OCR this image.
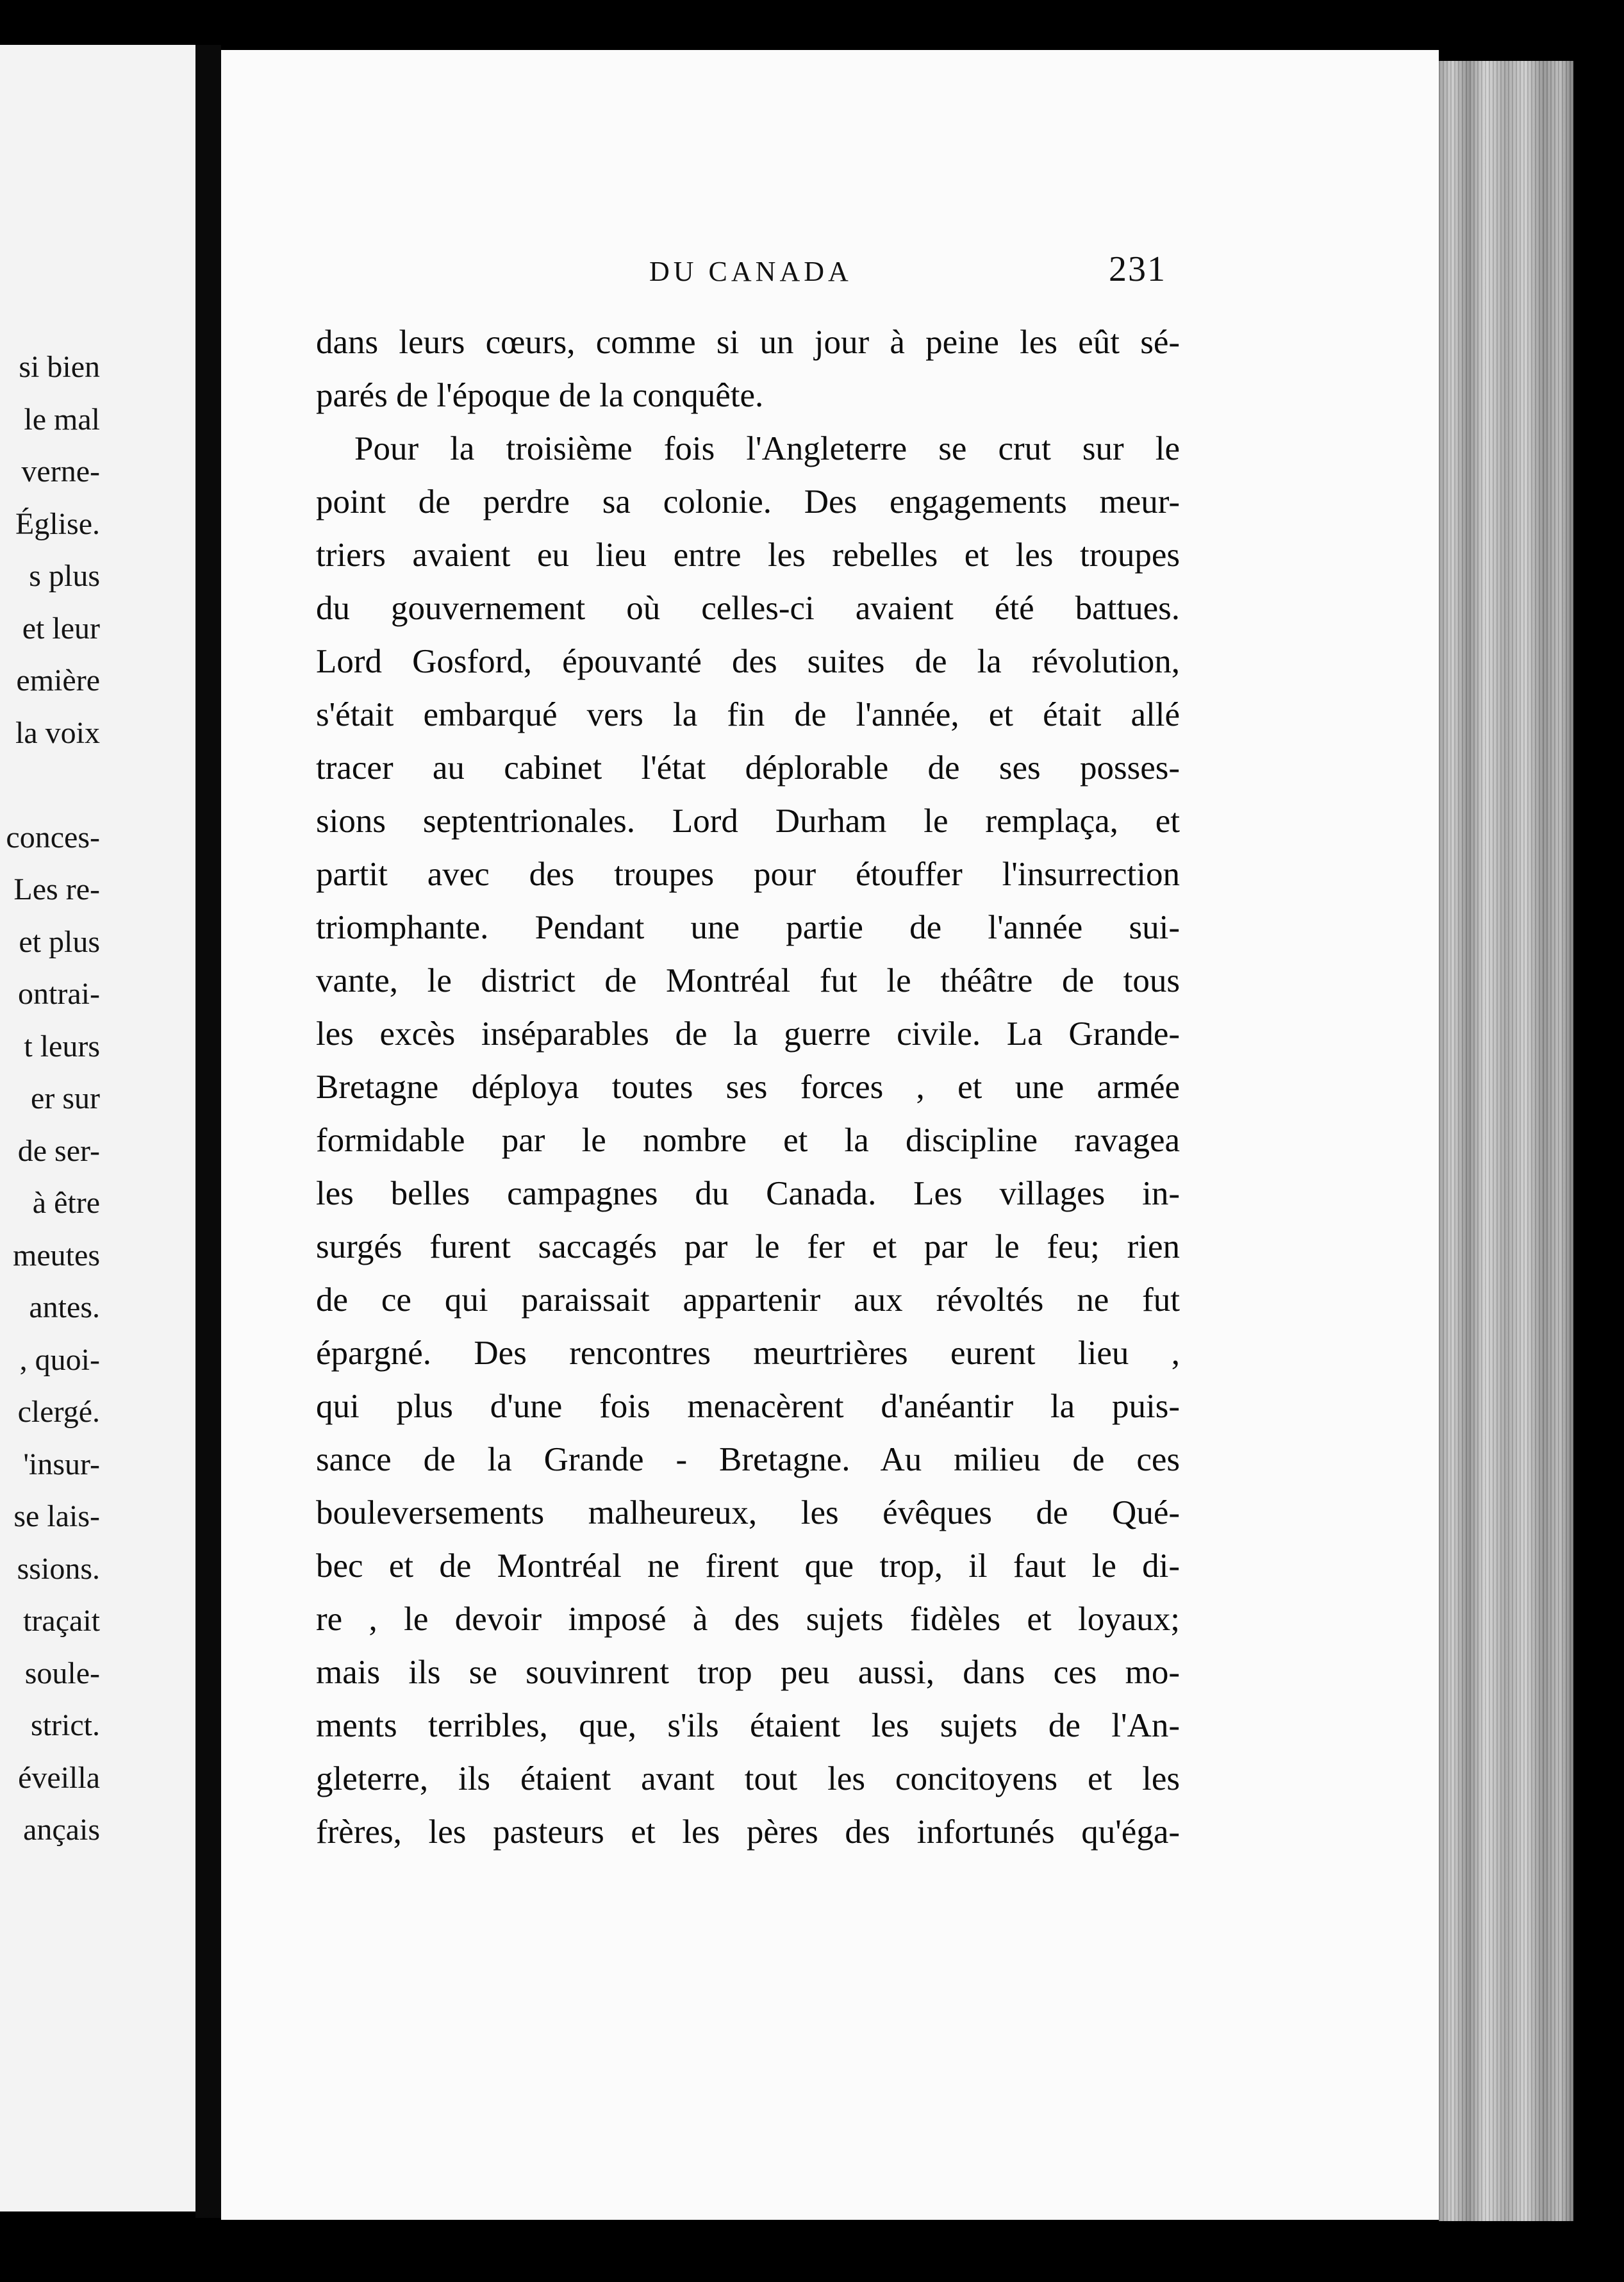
si bien
le mal
verne-
Église.
s plus
et leur
emière
la voix
conces-
Les re-
et plus
ontrai-
t leurs
er sur
de ser-
à être
meutes
antes.
, quoi-
clergé.
'insur-
se lais-
ssions.
traçait
soule-
strict.
éveilla
ançais
DU CANADA	231
dans leurs cœurs, comme si un jour à peine les eût sé-
parés de l'époque de la conquête.
Pour la troisième fois l'Angleterre se crut sur le
point de perdre sa colonie. Des engagements meur-
triers avaient eu lieu entre les rebelles et les troupes
du gouvernement où celles-ci avaient été battues.
Lord Gosford, épouvanté des suites de la révolution,
s'était embarqué vers la fin de l'année, et était allé
tracer au cabinet l'état déplorable de ses posses-
sions septentrionales. Lord Durham le remplaça, et
partit avec des troupes pour étouffer l'insurrection
triomphante. Pendant une partie de l'année sui-
vante, le district de Montréal fut le théâtre de tous
les excès inséparables de la guerre civile. La Grande-
Bretagne déploya toutes ses forces , et une armée
formidable par le nombre et la discipline ravagea
les belles campagnes du Canada. Les villages in-
surgés furent saccagés par le fer et par le feu; rien
de ce qui paraissait appartenir aux révoltés ne fut
épargné. Des rencontres meurtrières eurent lieu ,
qui plus d'une fois menacèrent d'anéantir la puis-
sance de la Grande - Bretagne. Au milieu de ces
bouleversements malheureux, les évêques de Qué-
bec et de Montréal ne firent que trop, il faut le di-
re , le devoir imposé à des sujets fidèles et loyaux;
mais ils se souvinrent trop peu aussi, dans ces mo-
ments terribles, que, s'ils étaient les sujets de l'An-
gleterre, ils étaient avant tout les concitoyens et les
frères, les pasteurs et les pères des infortunés qu'éga-
